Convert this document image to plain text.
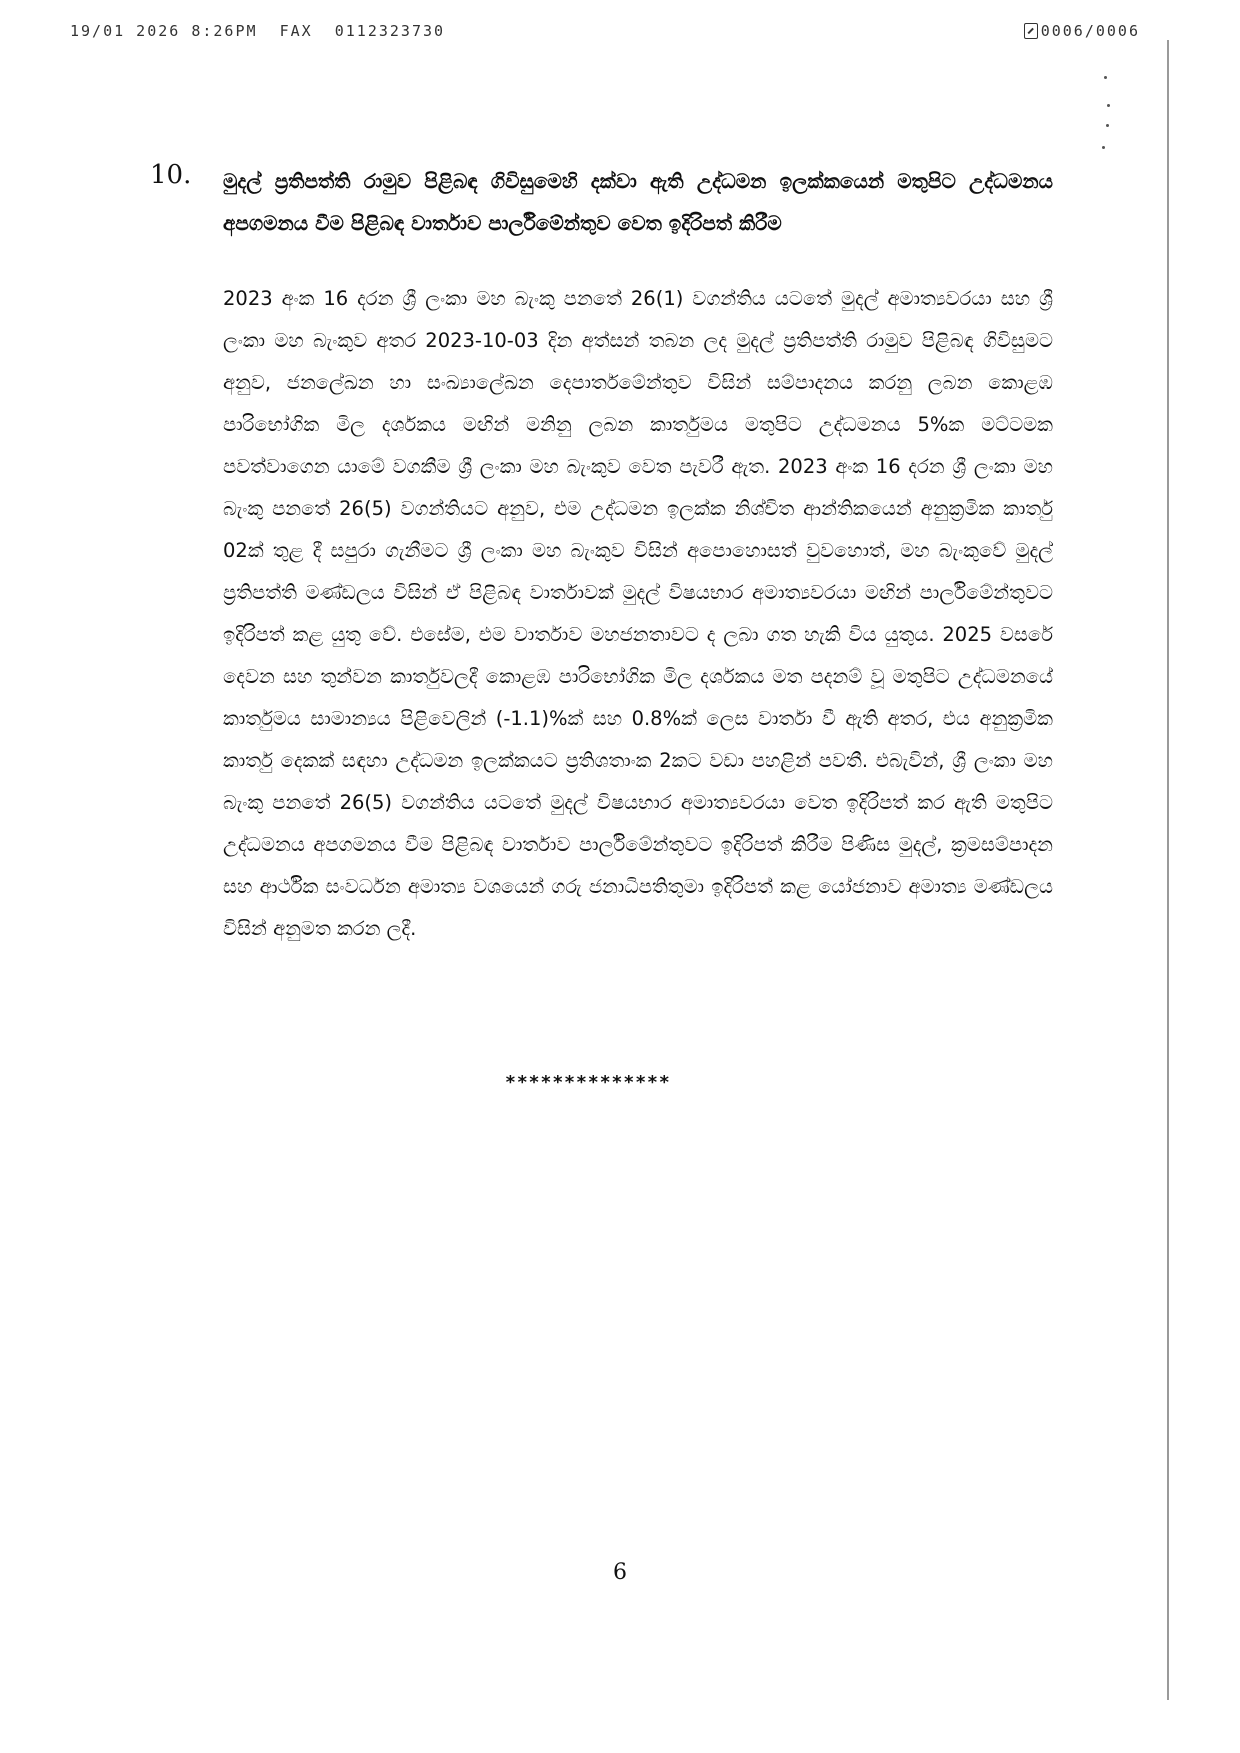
19/01 2026 8:26PM FAX 0112323730	0006/0006
10. මුදල් ප්‍රතිපත්ති රාමුව පිළිබඳ ගිවිසුමෙහි දක්වා ඇති උද්ධමන ඉලක්කයෙන් මතුපිට උද්ධමනය අපගමනය වීම පිළිබඳ වාර්තාව පාර්ලිමේන්තුව වෙත ඉදිරිපත් කිරීම
2023 අංක 16 දරන ශ්‍රී ලංකා මහ බැංකු පනතේ 26(1) වගන්තිය යටතේ මුදල් අමාත්‍යවරයා සහ ශ්‍රී ලංකා මහ බැංකුව අතර 2023-10-03 දින අත්සන් තබන ලද මුදල් ප්‍රතිපත්ති රාමුව පිළිබඳ ගිවිසුමට අනුව, ජනලේඛන හා සංඛ්‍යාලේඛන දෙපාර්තමේන්තුව විසින් සම්පාදනය කරනු ලබන කොළඹ පාරිභෝගික මිල දර්ශකය මඟින් මනිනු ලබන කාර්තුමය මතුපිට උද්ධමනය 5%ක මට්ටමක පවත්වාගෙන යාමේ වගකීම ශ්‍රී ලංකා මහ බැංකුව වෙත පැවරී ඇත. 2023 අංක 16 දරන ශ්‍රී ලංකා මහ බැංකු පනතේ 26(5) වගන්තියට අනුව, එම උද්ධමන ඉලක්ක නිශ්චිත ආන්තිකයෙන් අනුක්‍රමික කාර්තු 02ක් තුළ දී සපුරා ගැනීමට ශ්‍රී ලංකා මහ බැංකුව විසින් අපොහොසත් වුවහොත්, මහ බැංකුවේ මුදල් ප්‍රතිපත්ති මණ්ඩලය විසින් ඒ පිළිබඳ වාර්තාවක් මුදල් විෂයභාර අමාත්‍යවරයා මඟින් පාර්ලිමේන්තුවට ඉදිරිපත් කළ යුතු වේ. එසේම, එම වාර්තාව මහජනතාවට ද ලබා ගත හැකි විය යුතුය. 2025 වසරේ දෙවන සහ තුන්වන කාර්තුවලදී කොළඹ පාරිභෝගික මිල දර්ශකය මත පදනම් වූ මතුපිට උද්ධමනයේ කාර්තුමය සාමාන්‍යය පිළිවෙලින් (-1.1)%ක් සහ 0.8%ක් ලෙස වාර්තා වී ඇති අතර, එය අනුක්‍රමික කාර්තු දෙකක් සඳහා උද්ධමන ඉලක්කයට ප්‍රතිශතාංක 2කට වඩා පහළින් පවතී. එබැවින්, ශ්‍රී ලංකා මහ බැංකු පනතේ 26(5) වගන්තිය යටතේ මුදල් විෂයභාර අමාත්‍යවරයා වෙත ඉදිරිපත් කර ඇති මතුපිට උද්ධමනය අපගමනය වීම පිළිබඳ වාර්තාව පාර්ලිමේන්තුවට ඉදිරිපත් කිරීම පිණිස මුදල්, ක්‍රමසම්පාදන සහ ආර්ථික සංවර්ධන අමාත්‍ය වශයෙන් ගරු ජනාධිපතිතුමා ඉදිරිපත් කළ යෝජනාව අමාත්‍ය මණ්ඩලය විසින් අනුමත කරන ලදී.
**************
6
